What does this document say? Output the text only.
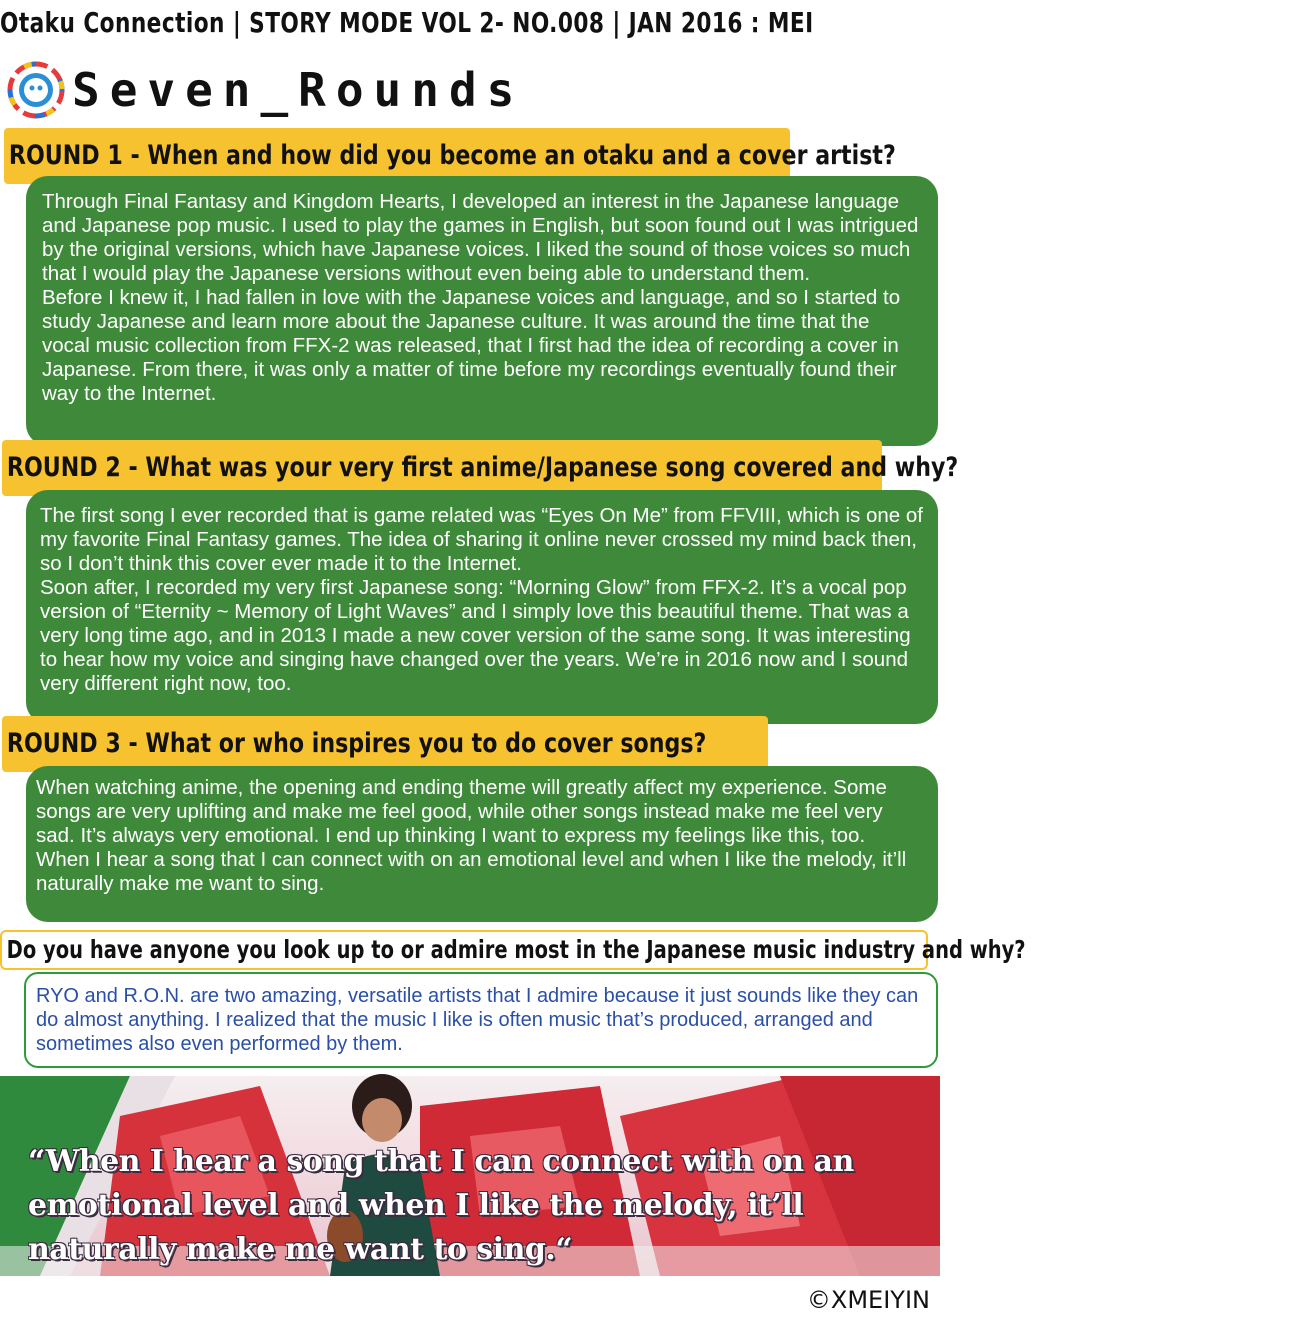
Otaku Connection | STORY MODE VOL 2- NO.008 | JAN 2016 : MEI
Seven_Rounds
ROUND 1 - When and how did you become an otaku and a cover artist?

Through Final Fantasy and Kingdom Hearts, I developed an interest in the Japanese language and Japanese pop music. I used to play the games in English, but soon found out I was intrigued by the original versions, which have Japanese voices. I liked the sound of those voices so much that I would play the Japanese versions without even being able to understand them.

Before I knew it, I had fallen in love with the Japanese voices and language, and so I started to study Japanese and learn more about the Japanese culture. It was around the time that the vocal music collection from FFX-2 was released, that I first had the idea of recording a cover in Japanese. From there, it was only a matter of time before my recordings eventually found their way to the Internet.

ROUND 2 - What was your very first anime/Japanese song covered and why?

The first song I ever recorded that is game related was “Eyes On Me” from FFVIII, which is one of my favorite Final Fantasy games. The idea of sharing it online never crossed my mind back then, so I don’t think this cover ever made it to the Internet.

Soon after, I recorded my very first Japanese song: “Morning Glow” from FFX-2. It’s a vocal pop version of “Eternity ~ Memory of Light Waves” and I simply love this beautiful theme. That was a very long time ago, and in 2013 I made a new cover version of the same song. It was interesting to hear how my voice and singing have changed over the years. We’re in 2016 now and I sound very different right now, too.

ROUND 3 - What or who inspires you to do cover songs?

When watching anime, the opening and ending theme will greatly affect my experience. Some songs are very uplifting and make me feel good, while other songs instead make me feel very sad. It’s always very emotional. I end up thinking I want to express my feelings like this, too.

When I hear a song that I can connect with on an emotional level and when I like the melody, it’ll naturally make me want to sing.

Do you have anyone you look up to or admire most in the Japanese music industry and why?
RYO and R.O.N. are two amazing, versatile artists that I admire because it just sounds like they can do almost anything. I realized that the music I like is often music that’s produced, arranged and sometimes also even performed by them.
“When I hear a song that I can connect with on an emotional level and when I like the melody, it’ll naturally make me want to sing.“
©XMEIYIN
